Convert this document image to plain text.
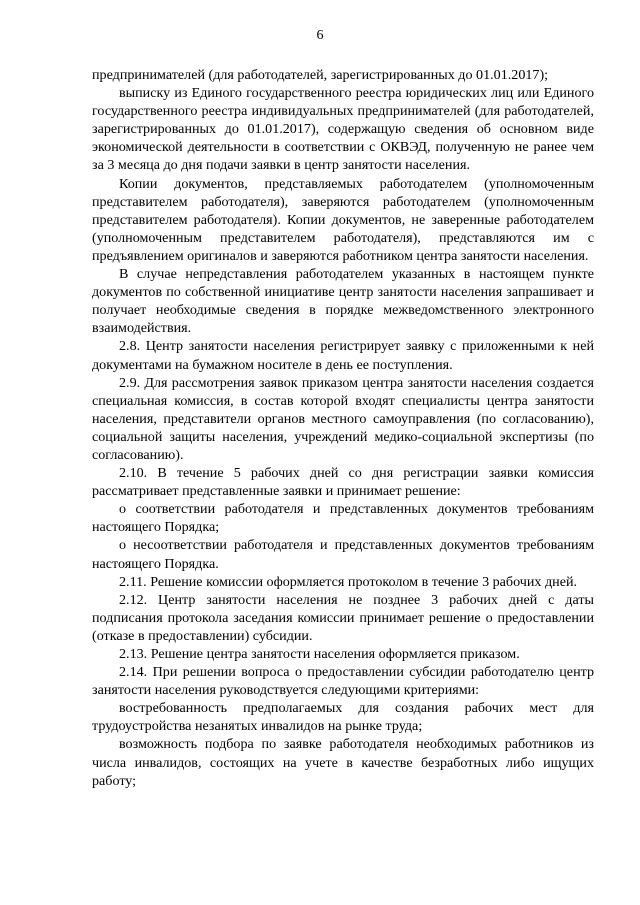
6

предпринимателей (для работодателей, зарегистрированных до 01.01.2017);

выписку из Единого государственного реестра юридических лиц или Единого государственного реестра индивидуальных предпринимателей (для работодателей, зарегистрированных до 01.01.2017), содержащую сведения об основном виде экономической деятельности в соответствии с ОКВЭД, полученную не ранее чем за 3 месяца до дня подачи заявки в центр занятости населения.

Копии документов, представляемых работодателем (уполномоченным представителем работодателя), заверяются работодателем (уполномоченным представителем работодателя). Копии документов, не заверенные работодателем (уполномоченным представителем работодателя), представляются им с предъявлением оригиналов и заверяются работником центра занятости населения.

В случае непредставления работодателем указанных в настоящем пункте документов по собственной инициативе центр занятости населения запрашивает и получает необходимые сведения в порядке межведомственного электронного взаимодействия.

2.8. Центр занятости населения регистрирует заявку с приложенными к ней документами на бумажном носителе в день ее поступления.

2.9. Для рассмотрения заявок приказом центра занятости населения создается специальная комиссия, в состав которой входят специалисты центра занятости населения, представители органов местного самоуправления (по согласованию), социальной защиты населения, учреждений медико-социальной экспертизы (по согласованию).

2.10. В течение 5 рабочих дней со дня регистрации заявки комиссия рассматривает представленные заявки и принимает решение:

о соответствии работодателя и представленных документов требованиям настоящего Порядка;

о несоответствии работодателя и представленных документов требованиям настоящего Порядка.

2.11. Решение комиссии оформляется протоколом в течение 3 рабочих дней.

2.12. Центр занятости населения не позднее 3 рабочих дней с даты подписания протокола заседания комиссии принимает решение о предоставлении (отказе в предоставлении) субсидии.

2.13. Решение центра занятости населения оформляется приказом.

2.14. При решении вопроса о предоставлении субсидии работодателю центр занятости населения руководствуется следующими критериями:

востребованность предполагаемых для создания рабочих мест для трудоустройства незанятых инвалидов на рынке труда;

возможность подбора по заявке работодателя необходимых работников из числа инвалидов, состоящих на учете в качестве безработных либо ищущих работу;
